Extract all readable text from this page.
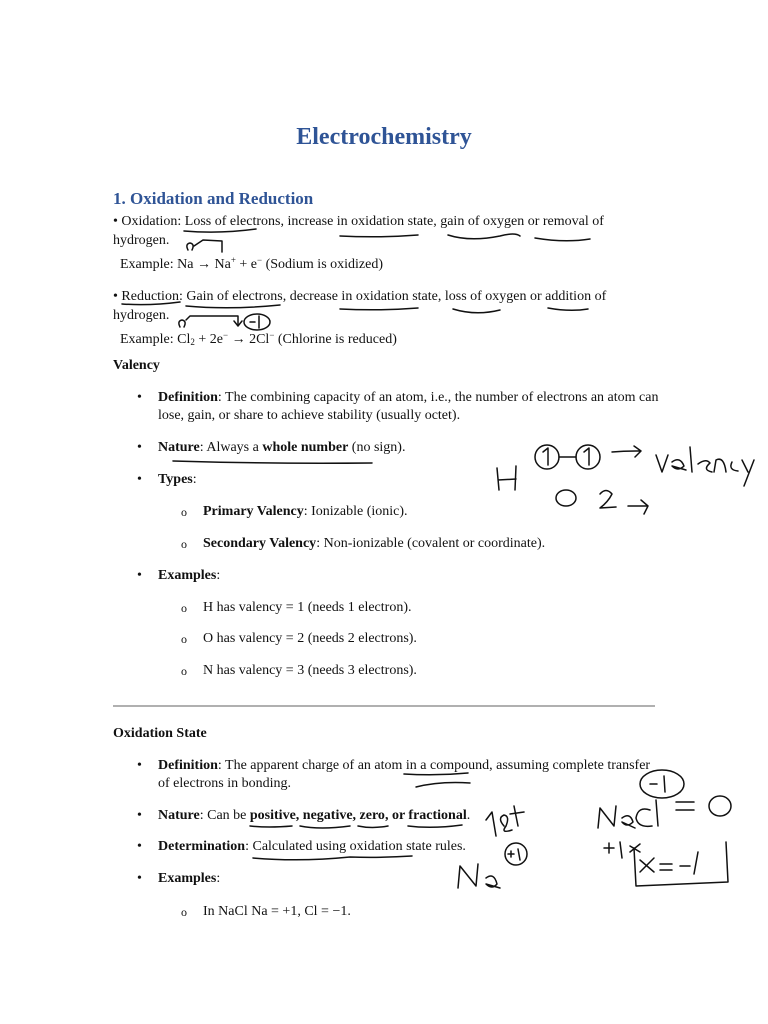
Electrochemistry
1. Oxidation and Reduction
• Oxidation: Loss of electrons, increase in oxidation state, gain of oxygen or removal of
hydrogen.
Example: Na → Na+ + e− (Sodium is oxidized)
• Reduction: Gain of electrons, decrease in oxidation state, loss of oxygen or addition of
hydrogen.
Example: $Cl_2 + 2e^- \to 2Cl^-$ (Chlorine is reduced)
Valency
• Definition: The combining capacity of an atom, i.e., the number of electrons an atom can
lose, gain, or share to achieve stability (usually octet).
• Nature: Always a whole number (no sign).
• Types:
o Primary Valency: Ionizable (ionic).
o Secondary Valency: Non-ionizable (covalent or coordinate).
• Examples:
o H has valency = 1 (needs 1 electron).
o O has valency = 2 (needs 2 electrons).
o N has valency = 3 (needs 3 electrons).
Oxidation State
• Definition: The apparent charge of an atom in a compound, assuming complete transfer
of electrons in bonding.
• Nature: Can be positive, negative, zero, or fractional.
• Determination: Calculated using oxidation state rules.
• Examples:
o In NaCl Na = +1, Cl = −1.
